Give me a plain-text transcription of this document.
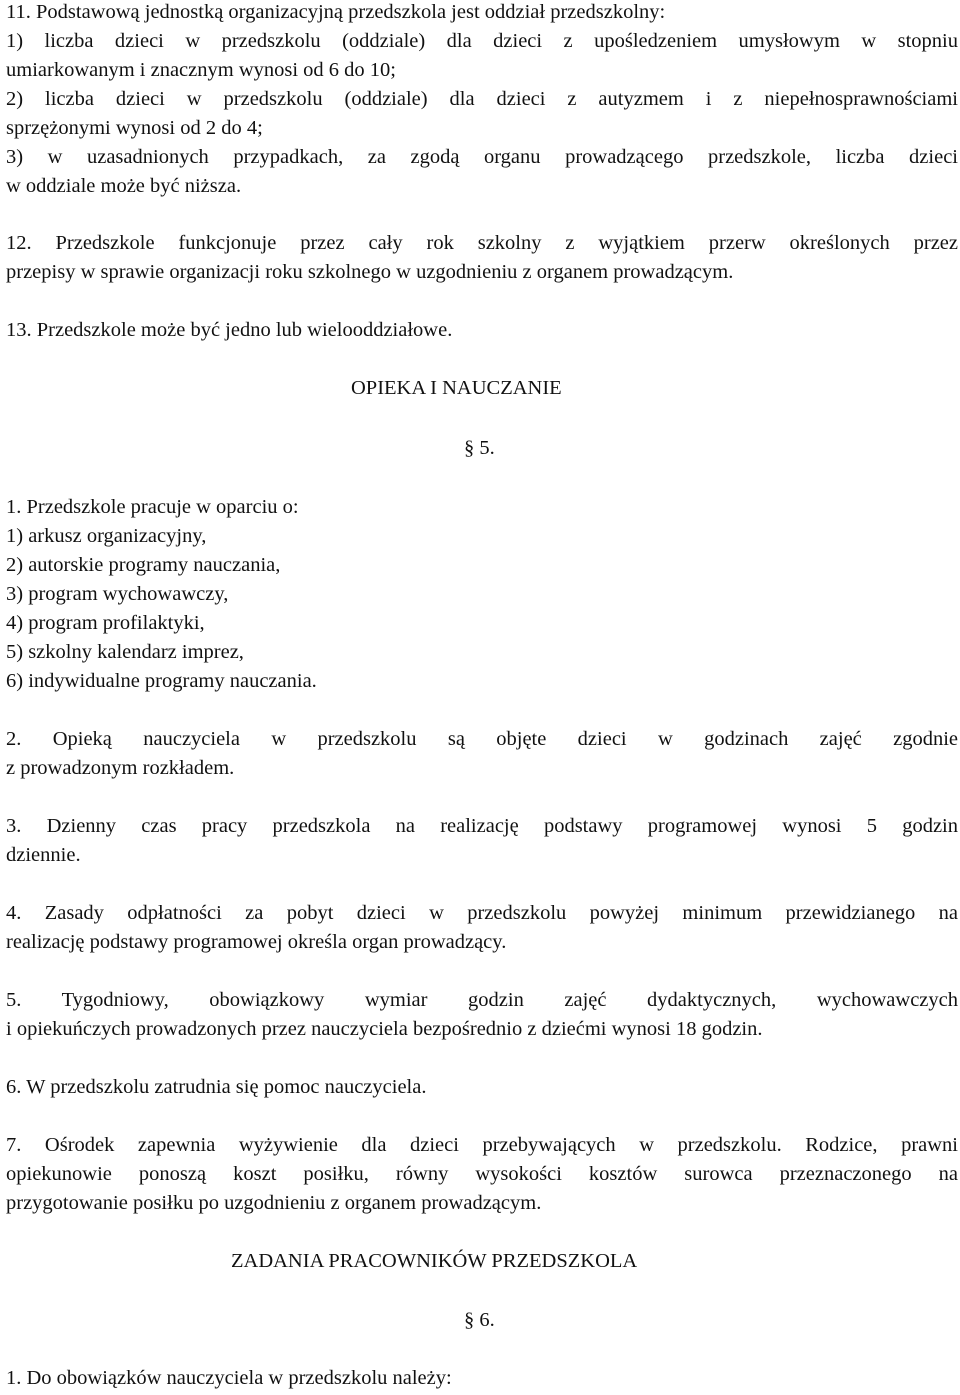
11. Podstawową jednostką organizacyjną przedszkola jest oddział przedszkolny:
1) liczba dzieci w przedszkolu (oddziale) dla dzieci z upośledzeniem umysłowym w stopniu
umiarkowanym i znacznym wynosi od 6 do 10;
2) liczba dzieci w przedszkolu (oddziale) dla dzieci z autyzmem i z niepełnosprawnościami
sprzężonymi wynosi od 2 do 4;
3) w uzasadnionych przypadkach, za zgodą organu prowadzącego przedszkole, liczba dzieci
w oddziale może być niższa.
12. Przedszkole funkcjonuje przez cały rok szkolny z wyjątkiem przerw określonych przez
przepisy w sprawie organizacji roku szkolnego w uzgodnieniu z organem prowadzącym.
13. Przedszkole może być jedno lub wielooddziałowe.
OPIEKA I NAUCZANIE
§ 5.
1. Przedszkole pracuje w oparciu o:
1) arkusz organizacyjny,
2) autorskie programy nauczania,
3) program wychowawczy,
4) program profilaktyki,
5) szkolny kalendarz imprez,
6) indywidualne programy nauczania.
2. Opieką nauczyciela w przedszkolu są objęte dzieci w godzinach zajęć zgodnie
z prowadzonym rozkładem.
3. Dzienny czas pracy przedszkola na realizację podstawy programowej wynosi 5 godzin
dziennie.
4. Zasady odpłatności za pobyt dzieci w przedszkolu powyżej minimum przewidzianego na
realizację podstawy programowej określa organ prowadzący.
5. Tygodniowy, obowiązkowy wymiar godzin zajęć dydaktycznych, wychowawczych
i opiekuńczych prowadzonych przez nauczyciela bezpośrednio z dziećmi wynosi 18 godzin.
6. W przedszkolu zatrudnia się pomoc nauczyciela.
7. Ośrodek zapewnia wyżywienie dla dzieci przebywających w przedszkolu. Rodzice, prawni
opiekunowie ponoszą koszt posiłku, równy wysokości kosztów surowca przeznaczonego na
przygotowanie posiłku po uzgodnieniu z organem prowadzącym.
ZADANIA PRACOWNIKÓW PRZEDSZKOLA
§ 6.
1. Do obowiązków nauczyciela w przedszkolu należy:
